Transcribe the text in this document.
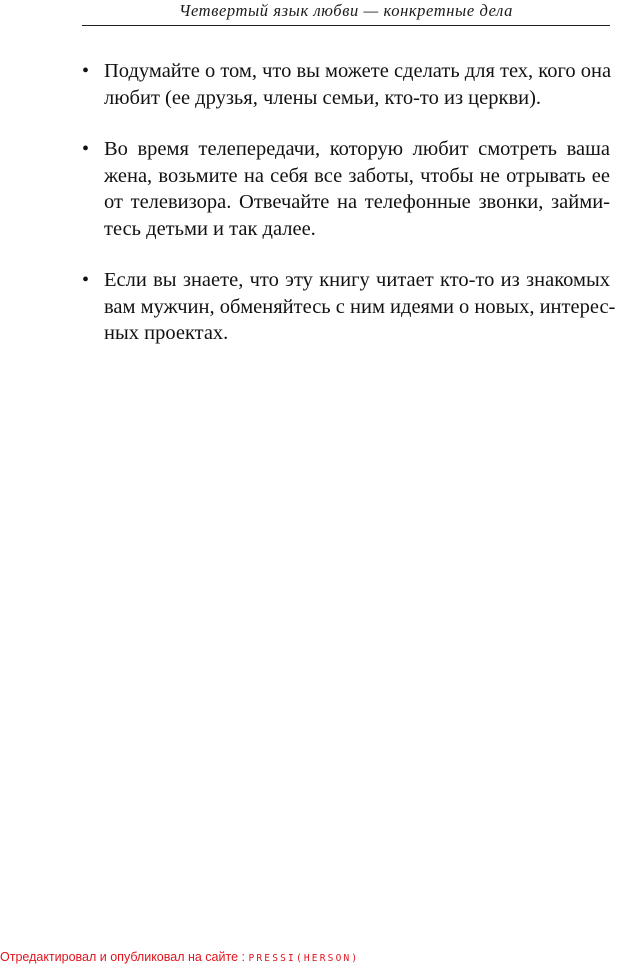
Четвертый язык любви — конкретные дела
• Подумайте о том, что вы можете сделать для тех, кого она
любит (ее друзья, члены семьи, кто-то из церкви).
• Во время телепередачи, которую любит смотреть ваша
жена, возьмите на себя все заботы, чтобы не отрывать ее
от телевизора. Отвечайте на телефонные звонки, займи-
тесь детьми и так далее.
• Если вы знаете, что эту книгу читает кто-то из знакомых
вам мужчин, обменяйтесь с ним идеями о новых, интерес-
ных проектах.
Отредактировал и опубликовал на сайте : PRESSI(HERSON)
